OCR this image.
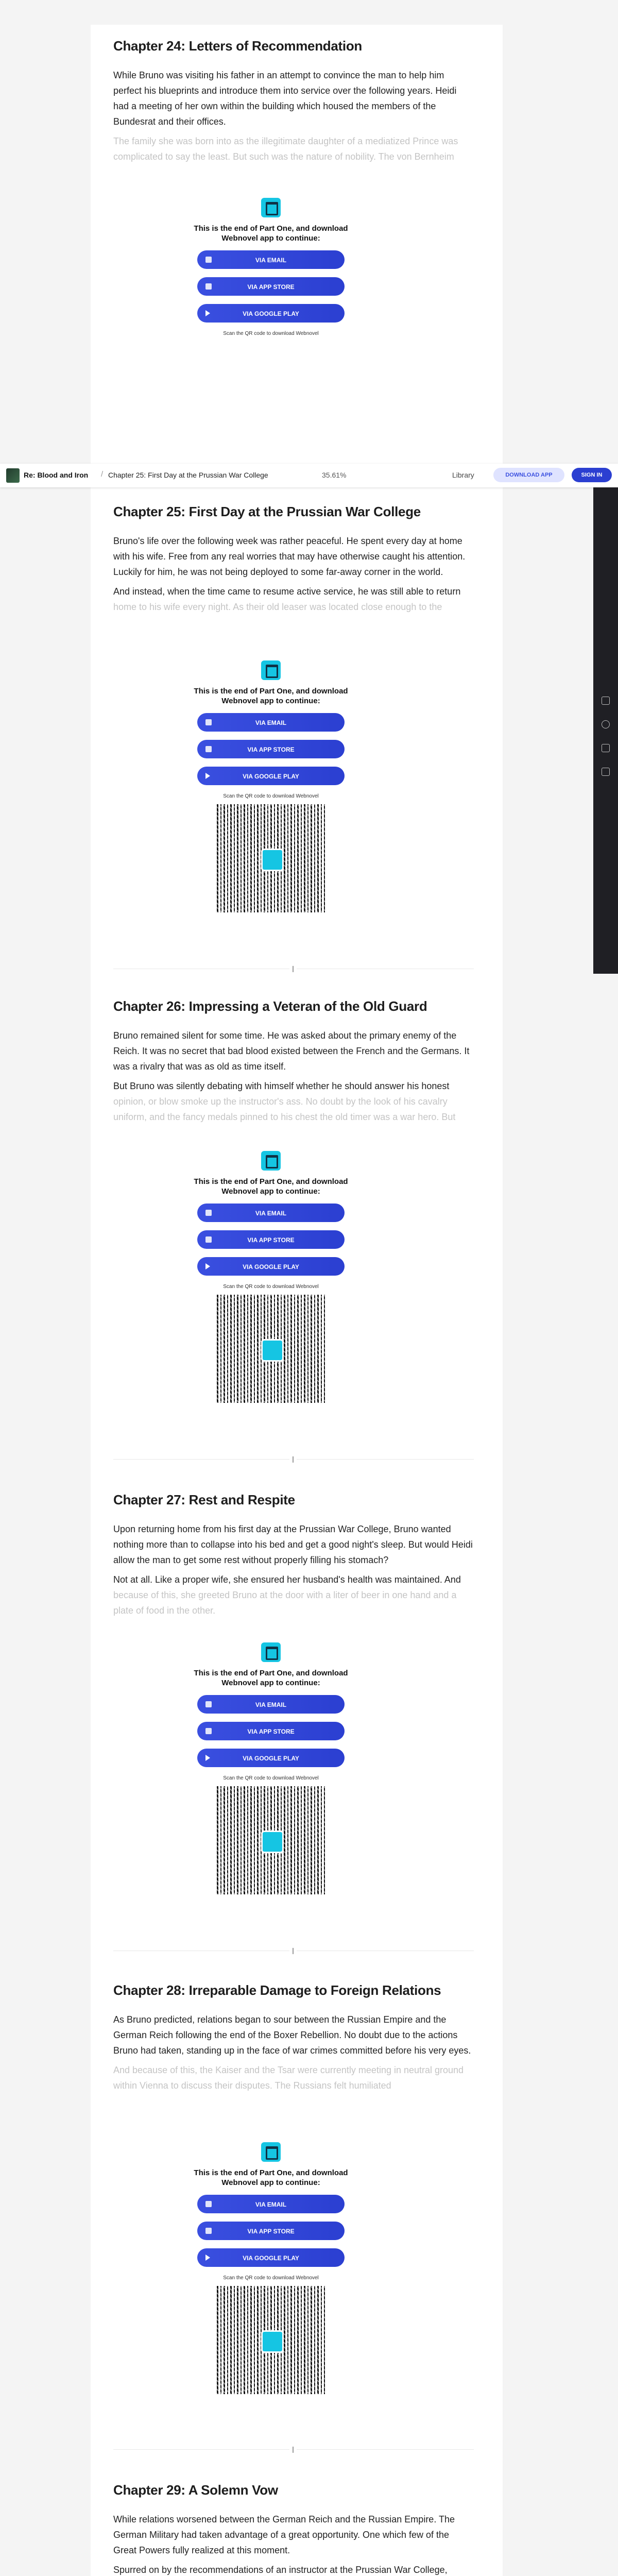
Chapter 24: Letters of Recommendation

While Bruno was visiting his father in an attempt to convince the man to help him perfect his blueprints and introduce them into service over the following years. Heidi had a meeting of her own within the building which housed the members of the Bundesrat and their offices.

The family she was born into as the illegitimate daughter of a mediatized Prince was complicated to say the least. But such was the nature of nobility. The von Bernheim

This is the end of Part One, and download Webnovel app to continue:
VIA EMAIL
VIA APP STORE
VIA GOOGLE PLAY
Scan the QR code to download Webnovel
Chapter 25: First Day at the Prussian War College

Bruno's life over the following week was rather peaceful. He spent every day at home with his wife. Free from any real worries that may have otherwise caught his attention. Luckily for him, he was not being deployed to some far-away corner in the world.

And instead, when the time came to resume active service, he was still able to return

home to his wife every night. As their old leaser was located close enough to the

This is the end of Part One, and download Webnovel app to continue:
VIA EMAIL
VIA APP STORE
VIA GOOGLE PLAY
Scan the QR code to download Webnovel
❙
Chapter 26: Impressing a Veteran of the Old Guard

Bruno remained silent for some time. He was asked about the primary enemy of the Reich. It was no secret that bad blood existed between the French and the Germans. It was a rivalry that was as old as time itself.

But Bruno was silently debating with himself whether he should answer his honest

opinion, or blow smoke up the instructor's ass. No doubt by the look of his cavalry uniform, and the fancy medals pinned to his chest the old timer was a war hero. But

This is the end of Part One, and download Webnovel app to continue:
VIA EMAIL
VIA APP STORE
VIA GOOGLE PLAY
Scan the QR code to download Webnovel
❙
Chapter 27: Rest and Respite

Upon returning home from his first day at the Prussian War College, Bruno wanted nothing more than to collapse into his bed and get a good night's sleep. But would Heidi allow the man to get some rest without properly filling his stomach?

Not at all. Like a proper wife, she ensured her husband's health was maintained. And

because of this, she greeted Bruno at the door with a liter of beer in one hand and a plate of food in the other.

This is the end of Part One, and download Webnovel app to continue:
VIA EMAIL
VIA APP STORE
VIA GOOGLE PLAY
Scan the QR code to download Webnovel
❙
Chapter 28: Irreparable Damage to Foreign Relations

As Bruno predicted, relations began to sour between the Russian Empire and the German Reich following the end of the Boxer Rebellion. No doubt due to the actions Bruno had taken, standing up in the face of war crimes committed before his very eyes.

And because of this, the Kaiser and the Tsar were currently meeting in neutral ground within Vienna to discuss their disputes. The Russians felt humiliated

This is the end of Part One, and download Webnovel app to continue:
VIA EMAIL
VIA APP STORE
VIA GOOGLE PLAY
Scan the QR code to download Webnovel
❙
Chapter 29: A Solemn Vow

While relations worsened between the German Reich and the Russian Empire. The German Military had taken advantage of a great opportunity. One which few of the Great Powers fully realized at this moment.

Spurred on by the recommendations of an instructor at the Prussian War College,

Re: Blood and Iron / Chapter 25: First Day at the Prussian War College	35.61%	Library	DOWNLOAD APP	SIGN IN
